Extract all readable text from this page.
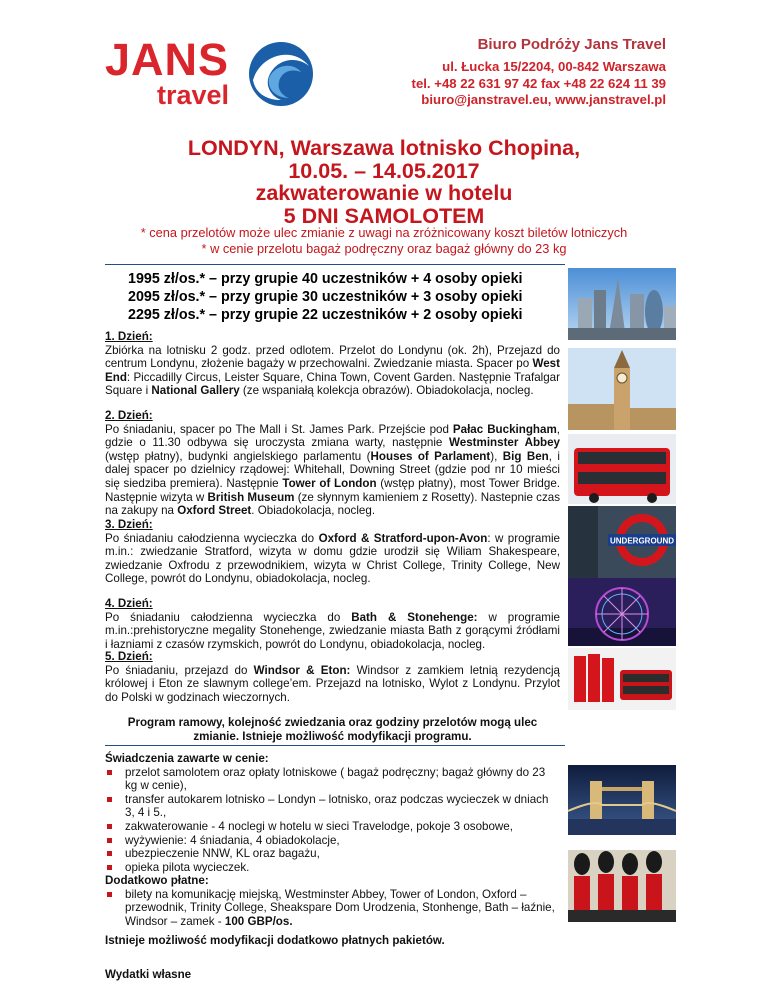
JANS
travel
Biuro Podróży Jans Travel
ul. Łucka 15/2204, 00-842 Warszawa
tel. +48 22 631 97 42 fax +48 22 624 11 39
biuro@janstravel.eu, www.janstravel.pl
LONDYN, Warszawa lotnisko Chopina,
10.05. – 14.05.2017
zakwaterowanie w hotelu
5 DNI SAMOLOTEM
* cena przelotów może ulec zmianie z uwagi na zróżnicowany koszt biletów lotniczych
* w cenie przelotu bagaż podręczny oraz bagaż główny do 23 kg
1995 zł/os.* – przy grupie 40 uczestników + 4 osoby opieki
2095 zł/os.* – przy grupie 30 uczestników + 3 osoby opieki
2295 zł/os.* – przy grupie 22 uczestników + 2 osoby opieki

1. Dzień:

Zbiórka na lotnisku 2 godz. przed odlotem. Przelot do Londynu (ok. 2h), Przejazd do centrum Londynu, złożenie bagaży w przechowalni. Zwiedzanie miasta. Spacer po West End: Piccadilly Circus, Leister Square, China Town, Covent Garden. Następnie Trafalgar Square i National Gallery (ze wspaniałą kolekcja obrazów). Obiadokolacja, nocleg.

2. Dzień:

Po śniadaniu, spacer po The Mall i St. James Park. Przejście pod Pałac Buckingham, gdzie o 11.30 odbywa się uroczysta zmiana warty, następnie Westminster Abbey (wstęp płatny), budynki angielskiego parlamentu (Houses of Parlament), Big Ben, i dalej spacer po dzielnicy rządowej: Whitehall, Downing Street (gdzie pod nr 10 mieści się siedziba premiera). Następnie Tower of London (wstęp płatny), most Tower Bridge. Następnie wizyta w British Museum (ze słynnym kamieniem z Rosetty). Nastepnie czas na zakupy na Oxford Street. Obiadokolacja, nocleg.

3. Dzień:

Po śniadaniu całodzienna wycieczka do Oxford & Stratford-upon-Avon: w programie m.in.: zwiedzanie Stratford, wizyta w domu gdzie urodził się Wiliam Shakespeare, zwiedzanie Oxfrodu z przewodnikiem, wizyta w Christ College, Trinity College, New College, powrót do Londynu, obiadokolacja, nocleg.

4. Dzień:

Po śniadaniu całodzienna wycieczka do Bath & Stonehenge: w programie m.in.:prehistoryczne megality Stonehenge, zwiedzanie miasta Bath z gorącymi źródłami i łazniami z czasów rzymskich, powrót do Londynu, obiadokolacja, nocleg.

5. Dzień:

Po śniadaniu, przejazd do Windsor & Eton: Windsor z zamkiem letnią rezydencją królowej i Eton ze slawnym college’em. Przejazd na lotnisko, Wylot z Londynu. Przylot do Polski w godzinach wieczornych.

Program ramowy, kolejność zwiedzania oraz godziny przelotów mogą ulec
zmianie. Istnieje możliwość modyfikacji programu.
Świadczenia zawarte w cenie:
przelot samolotem oraz opłaty lotniskowe ( bagaż podręczny; bagaż główny do 23 kg w cenie),
transfer autokarem lotnisko – Londyn – lotnisko, oraz podczas wycieczek w dniach 3, 4 i 5.,
zakwaterowanie - 4 noclegi w hotelu w sieci Travelodge, pokoje 3 osobowe,
wyżywienie: 4 śniadania, 4 obiadokolacje,
ubezpieczenie NNW, KL oraz bagażu,
opieka pilota wycieczek.
Dodatkowo płatne:
bilety na komunikację miejską, Westminster Abbey, Tower of London, Oxford – przewodnik, Trinity College, Sheakspare Dom Urodzenia, Stonhenge, Bath – łaźnie, Windsor – zamek - 100 GBP/os.
Istnieje możliwość modyfikacji dodatkowo płatnych pakietów.
Wydatki własne
UNDERGROUND
